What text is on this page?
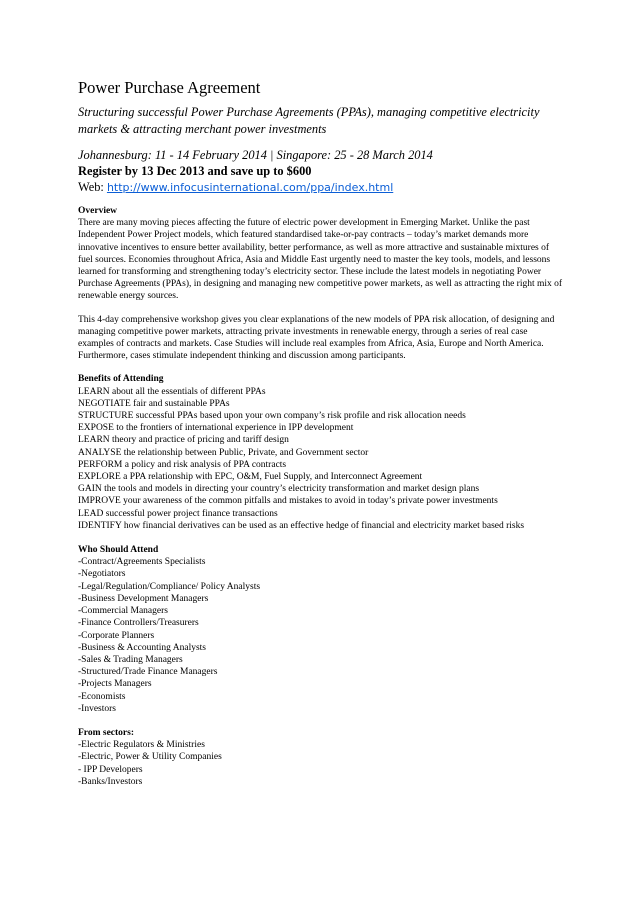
Power Purchase Agreement

Structuring successful Power Purchase Agreements (PPAs), managing competitive electricity markets & attracting merchant power investments

Johannesburg: 11 - 14 February 2014 | Singapore: 25 - 28 March 2014

Register by 13 Dec 2013 and save up to $600

Web: http://www.infocusinternational.com/ppa/index.html

Overview

There are many moving pieces affecting the future of electric power development in Emerging Market. Unlike the past Independent Power Project models, which featured standardised take-or-pay contracts – today’s market demands more innovative incentives to ensure better availability, better performance, as well as more attractive and sustainable mixtures of fuel sources. Economies throughout Africa, Asia and Middle East urgently need to master the key tools, models, and lessons learned for transforming and strengthening today’s electricity sector. These include the latest models in negotiating Power Purchase Agreements (PPAs), in designing and managing new competitive power markets, as well as attracting the right mix of renewable energy sources.

This 4-day comprehensive workshop gives you clear explanations of the new models of PPA risk allocation, of designing and managing competitive power markets, attracting private investments in renewable energy, through a series of real case examples of contracts and markets. Case Studies will include real examples from Africa, Asia, Europe and North America. Furthermore, cases stimulate independent thinking and discussion among participants.

Benefits of Attending

LEARN about all the essentials of different PPAs
NEGOTIATE fair and sustainable PPAs
STRUCTURE successful PPAs based upon your own company’s risk profile and risk allocation needs
EXPOSE to the frontiers of international experience in IPP development
LEARN theory and practice of pricing and tariff design
ANALYSE the relationship between Public, Private, and Government sector
PERFORM a policy and risk analysis of PPA contracts
EXPLORE a PPA relationship with EPC, O&M, Fuel Supply, and Interconnect Agreement
GAIN the tools and models in directing your country’s electricity transformation and market design plans
IMPROVE your awareness of the common pitfalls and mistakes to avoid in today’s private power investments
LEAD successful power project finance transactions
IDENTIFY how financial derivatives can be used as an effective hedge of financial and electricity market based risks

Who Should Attend

-Contract/Agreements Specialists
-Negotiators
-Legal/Regulation/Compliance/ Policy Analysts
-Business Development Managers
-Commercial Managers
-Finance Controllers/Treasurers
-Corporate Planners
-Business & Accounting Analysts
-Sales & Trading Managers
-Structured/Trade Finance Managers
-Projects Managers
-Economists
-Investors

From sectors:

-Electric Regulators & Ministries
-Electric, Power & Utility Companies
- IPP Developers
-Banks/Investors
